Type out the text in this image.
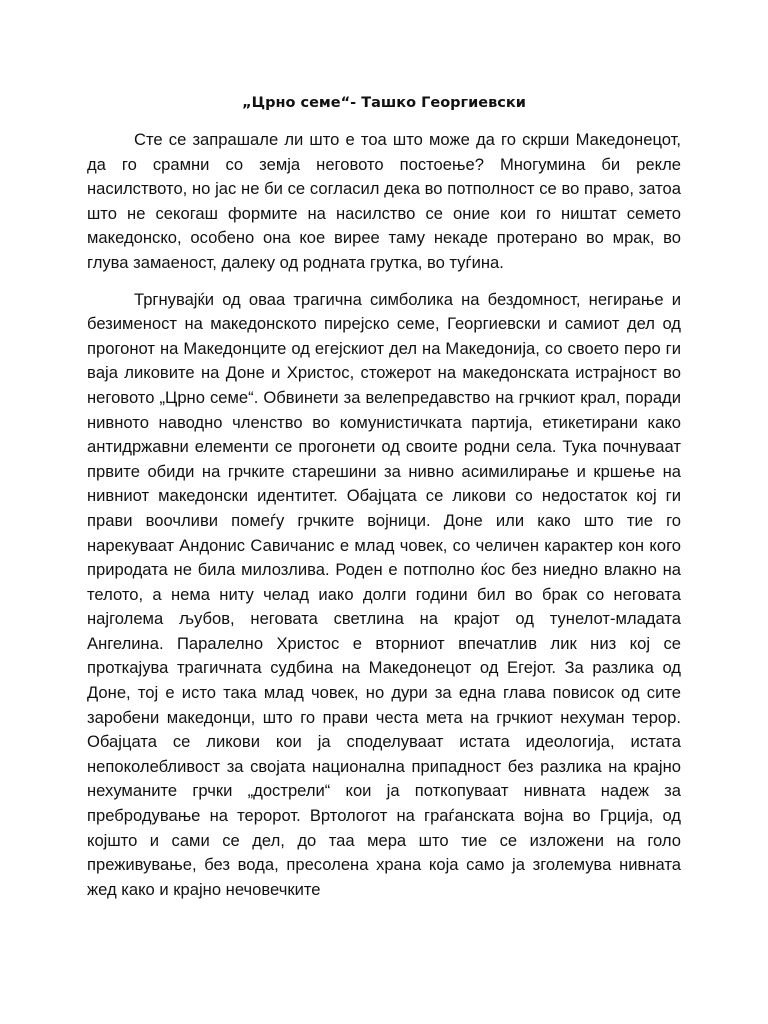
„Црно семе“- Ташко Георгиевски

Сте се запрашале ли што е тоа што може да го скрши Македонецот, да го срамни со земја неговото постоење? Многумина би рекле насилството, но јас не би се согласил дека во потполност се во право, затоа што не секогаш формите на насилство се оние кои го ништат семето македонско, особено она кое вирее таму некаде протерано во мрак, во глува замаеност, далеку од родната грутка, во туѓина.

Тргнувајќи од оваа трагична симболика на бездомност, негирање и безименост на македонското пирејско семе, Георгиевски и самиот дел од прогонот на Македонците од егејскиот дел на Македонија, со своето перо ги вaja ликовите на Доне и Христос, стожерот на македонската истрајност во неговото „Црно семе“. Обвинети за велепредавство на грчкиот крал, поради нивното наводно членство во комунистичката партија, етикетирани како антидржавни елементи се прогонети од своите родни села. Тука почнуваат првите обиди на грчките старешини за нивно асимилирање и кршење на нивниот македонски идентитет. Обајцата се ликови со недостаток кој ги прави воочливи помеѓу грчките војници. Доне или како што тие го нарекуваат Андонис Савичанис е млад човек, со челичен карактер кон кого природата не била милозлива. Роден е потполно ќос без ниедно влакно на телото, а нема ниту челад иако долги години бил во брак со неговата најголема љубов, неговата светлина на крајот од тунелот-младата Ангелина. Паралелно Христос е вторниот впечатлив лик низ кој се проткајува трагичната судбина на Македонецот од Егејот. За разлика од Доне, тој е исто така млад човек, но дури за една глава повисок од сите заробени македонци, што го прави честа мета на грчкиот нехуман терор. Обајцата се ликови кои ја споделуваат истата идеологија, истата непоколебливост за својата национална припадност без разлика на крајно нехуманите грчки „дострели“ кои ја поткопуваат нивната надеж за пребродување на теророт. Вртологот на граѓанската војна во Грција, од којшто и сами се дел, до таа мера што тие се изложени на голо преживување, без вода, пресолена храна која само ја зголемува нивната жед како и крајно нечовечките
